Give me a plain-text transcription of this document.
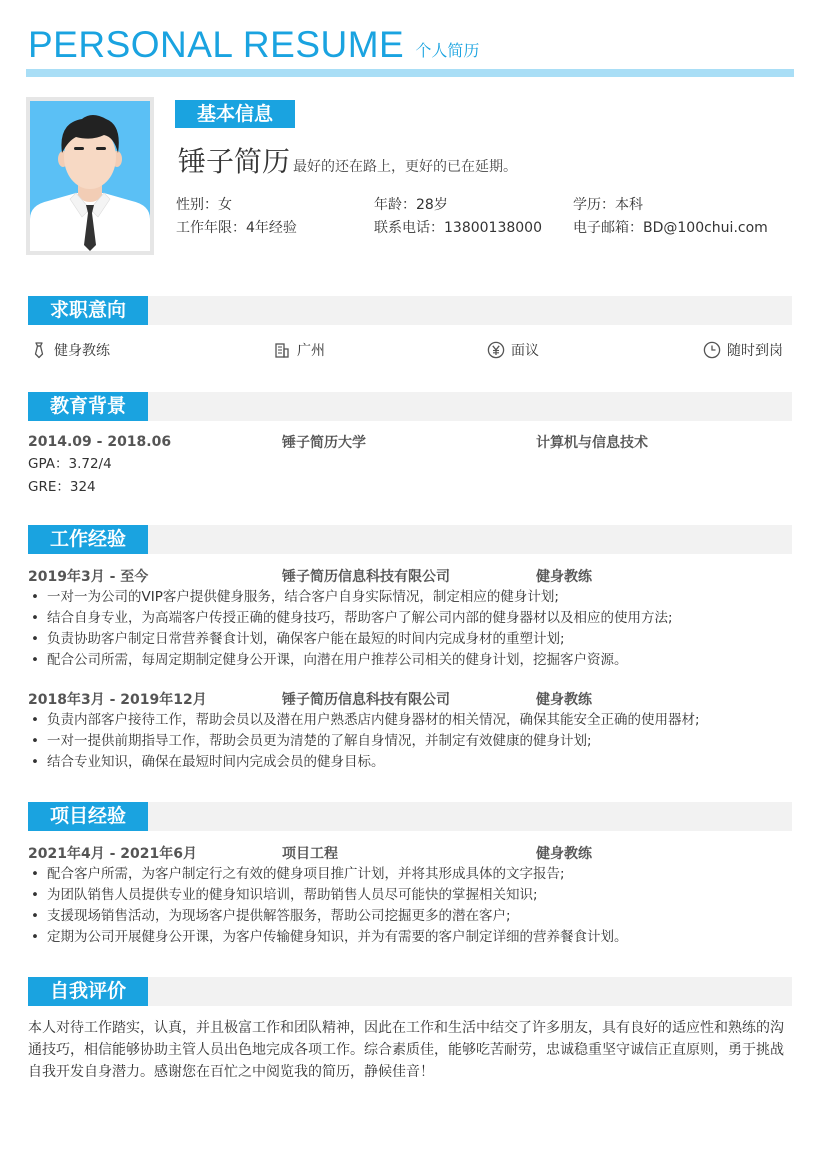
PERSONAL RESUME 个人简历
基本信息
锤子简历 最好的还在路上，更好的已在延期。
性别：女	年龄：28岁	学历：本科
工作年限：4年经验	联系电话：13800138000	电子邮箱：BD@100chui.com
求职意向
健身教练	广州	面议	随时到岗
教育背景
2014.09 - 2018.06	锤子简历大学	计算机与信息技术
GPA：3.72/4
GRE：324
工作经验
2019年3月 - 至今	锤子简历信息科技有限公司	健身教练
• 一对一为公司的VIP客户提供健身服务，结合客户自身实际情况，制定相应的健身计划;
• 结合自身专业，为高端客户传授正确的健身技巧，帮助客户了解公司内部的健身器材以及相应的使用方法;
• 负责协助客户制定日常营养餐食计划，确保客户能在最短的时间内完成身材的重塑计划;
• 配合公司所需，每周定期制定健身公开课，向潜在用户推荐公司相关的健身计划，挖掘客户资源。
2018年3月 - 2019年12月	锤子简历信息科技有限公司	健身教练
• 负责内部客户接待工作，帮助会员以及潜在用户熟悉店内健身器材的相关情况，确保其能安全正确的使用器材;
• 一对一提供前期指导工作，帮助会员更为清楚的了解自身情况，并制定有效健康的健身计划;
• 结合专业知识，确保在最短时间内完成会员的健身目标。
项目经验
2021年4月 - 2021年6月	项目工程	健身教练
• 配合客户所需，为客户制定行之有效的健身项目推广计划，并将其形成具体的文字报告;
• 为团队销售人员提供专业的健身知识培训，帮助销售人员尽可能快的掌握相关知识;
• 支援现场销售活动，为现场客户提供解答服务，帮助公司挖掘更多的潜在客户;
• 定期为公司开展健身公开课，为客户传输健身知识，并为有需要的客户制定详细的营养餐食计划。
自我评价
本人对待工作踏实，认真，并且极富工作和团队精神，因此在工作和生活中结交了许多朋友，具有良好的适应性和熟练的沟通技巧，相信能够协助主管人员出色地完成各项工作。综合素质佳，能够吃苦耐劳，忠诚稳重坚守诚信正直原则，勇于挑战自我开发自身潜力。感谢您在百忙之中阅览我的简历，静候佳音！
